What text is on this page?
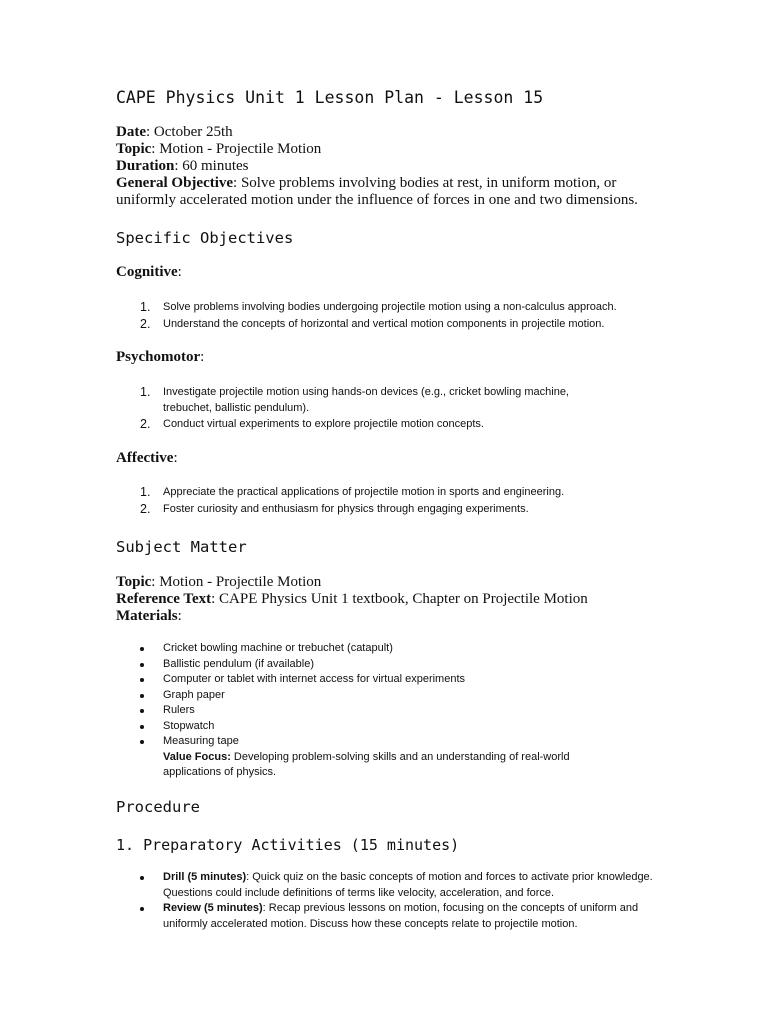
CAPE Physics Unit 1 Lesson Plan - Lesson 15
Date: October 25th
Topic: Motion - Projectile Motion
Duration: 60 minutes
General Objective: Solve problems involving bodies at rest, in uniform motion, or uniformly accelerated motion under the influence of forces in one and two dimensions.
Specific Objectives
Cognitive:
1. Solve problems involving bodies undergoing projectile motion using a non-calculus approach.
2. Understand the concepts of horizontal and vertical motion components in projectile motion.
Psychomotor:
1. Investigate projectile motion using hands-on devices (e.g., cricket bowling machine, trebuchet, ballistic pendulum).
2. Conduct virtual experiments to explore projectile motion concepts.
Affective:
1. Appreciate the practical applications of projectile motion in sports and engineering.
2. Foster curiosity and enthusiasm for physics through engaging experiments.
Subject Matter
Topic: Motion - Projectile Motion
Reference Text: CAPE Physics Unit 1 textbook, Chapter on Projectile Motion
Materials:
Cricket bowling machine or trebuchet (catapult)
Ballistic pendulum (if available)
Computer or tablet with internet access for virtual experiments
Graph paper
Rulers
Stopwatch
Measuring tape
Value Focus: Developing problem-solving skills and an understanding of real-world applications of physics.
Procedure
1. Preparatory Activities (15 minutes)
Drill (5 minutes): Quick quiz on the basic concepts of motion and forces to activate prior knowledge. Questions could include definitions of terms like velocity, acceleration, and force.
Review (5 minutes): Recap previous lessons on motion, focusing on the concepts of uniform and uniformly accelerated motion. Discuss how these concepts relate to projectile motion.
